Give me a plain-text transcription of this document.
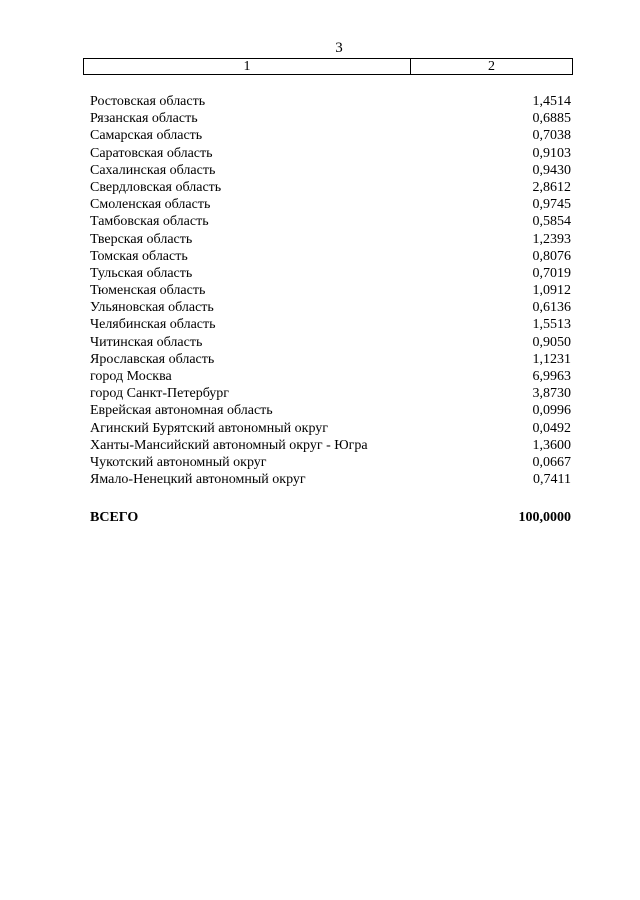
3
1	2
Ростовская область	1,4514
Рязанская область	0,6885
Самарская область	0,7038
Саратовская область	0,9103
Сахалинская область	0,9430
Свердловская область	2,8612
Смоленская область	0,9745
Тамбовская область	0,5854
Тверская область	1,2393
Томская область	0,8076
Тульская область	0,7019
Тюменская область	1,0912
Ульяновская область	0,6136
Челябинская область	1,5513
Читинская область	0,9050
Ярославская область	1,1231
город Москва	6,9963
город Санкт-Петербург	3,8730
Еврейская автономная область	0,0996
Агинский Бурятский автономный округ	0,0492
Ханты-Мансийский автономный округ - Югра	1,3600
Чукотский автономный округ	0,0667
Ямало-Ненецкий автономный округ	0,7411
ВСЕГО	100,0000
